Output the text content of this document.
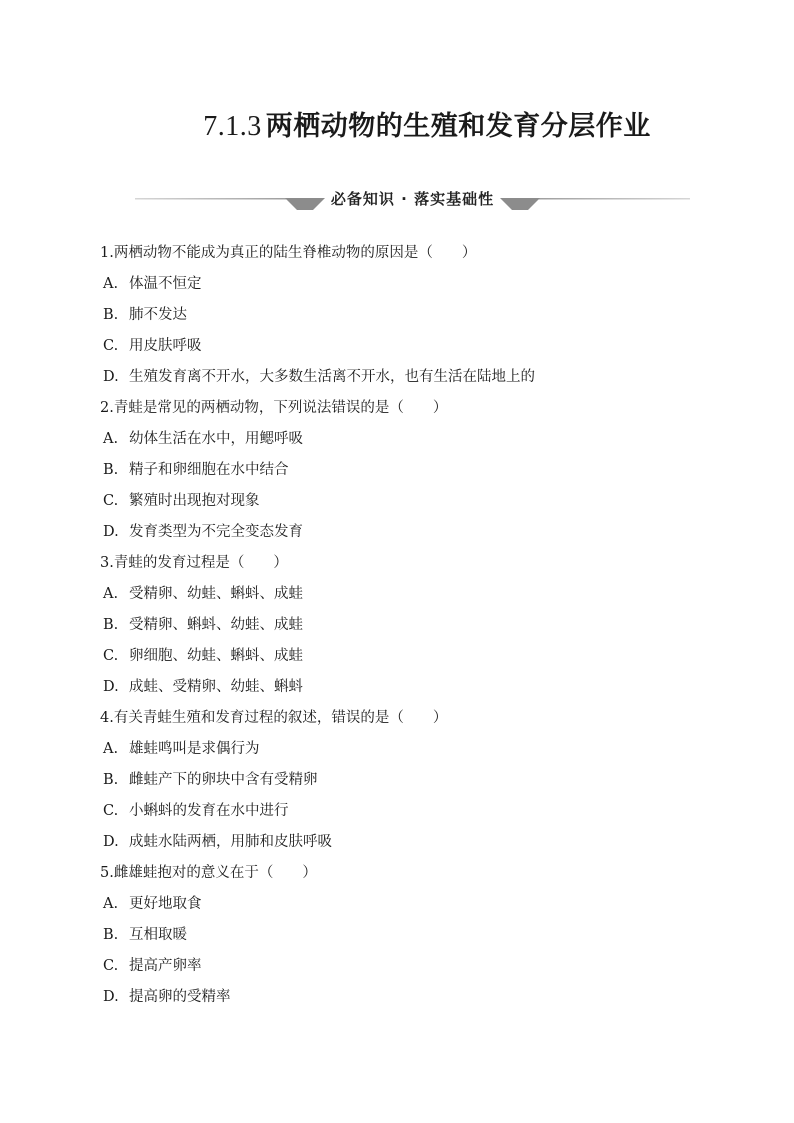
7.1.3 两栖动物的生殖和发育分层作业
必备知识 · 落实基础性
1.两栖动物不能成为真正的陆生脊椎动物的原因是（　　）
A. 体温不恒定
B. 肺不发达
C. 用皮肤呼吸
D. 生殖发育离不开水，大多数生活离不开水，也有生活在陆地上的
2.青蛙是常见的两栖动物，下列说法错误的是（　　）
A. 幼体生活在水中，用鳃呼吸
B. 精子和卵细胞在水中结合
C. 繁殖时出现抱对现象
D. 发育类型为不完全变态发育
3.青蛙的发育过程是（　　）
A. 受精卵、幼蛙、蝌蚪、成蛙
B. 受精卵、蝌蚪、幼蛙、成蛙
C. 卵细胞、幼蛙、蝌蚪、成蛙
D. 成蛙、受精卵、幼蛙、蝌蚪
4.有关青蛙生殖和发育过程的叙述，错误的是（　　）
A. 雄蛙鸣叫是求偶行为
B. 雌蛙产下的卵块中含有受精卵
C. 小蝌蚪的发育在水中进行
D. 成蛙水陆两栖，用肺和皮肤呼吸
5.雌雄蛙抱对的意义在于（　　）
A. 更好地取食
B. 互相取暖
C. 提高产卵率
D. 提高卵的受精率
